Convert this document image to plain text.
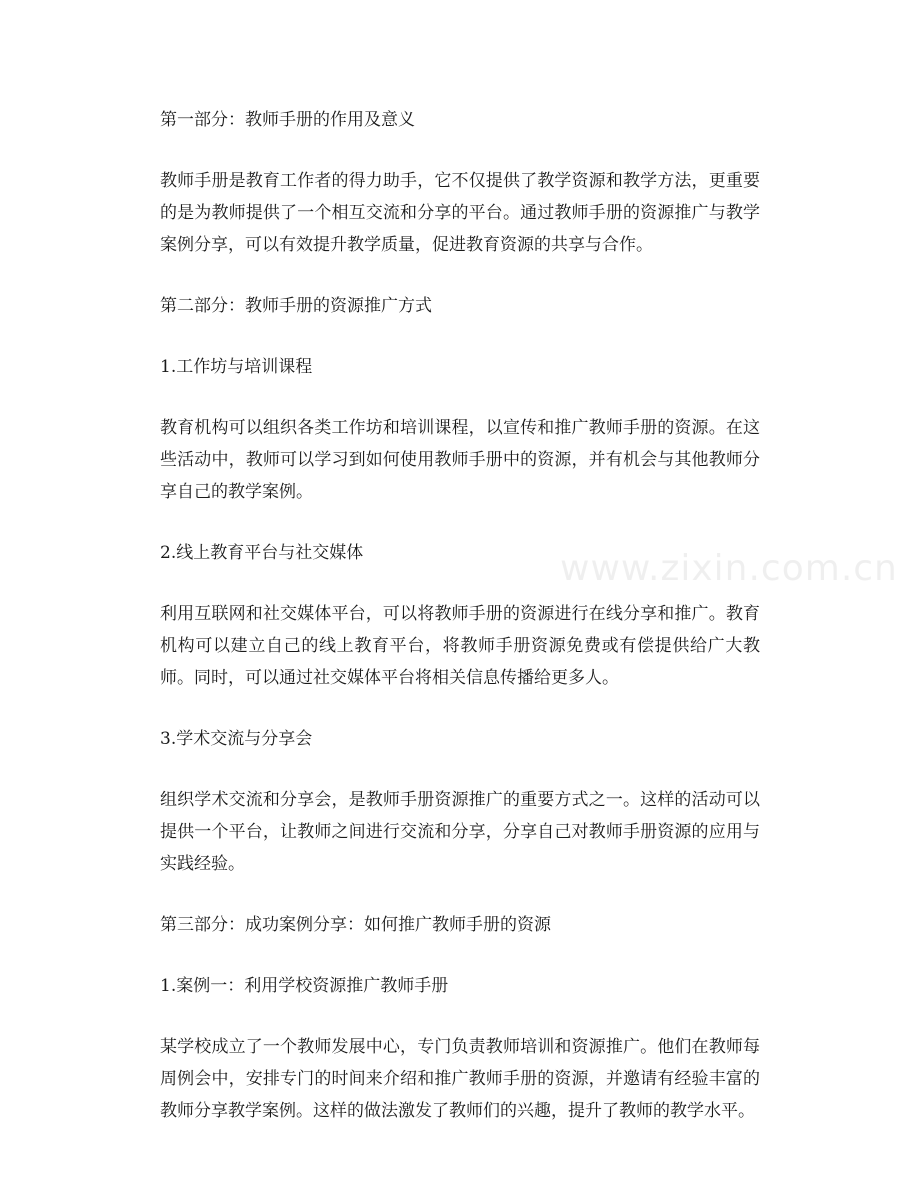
第一部分：教师手册的作用及意义

教师手册是教育工作者的得力助手，它不仅提供了教学资源和教学方法，更重要的是为教师提供了一个相互交流和分享的平台。通过教师手册的资源推广与教学案例分享，可以有效提升教学质量，促进教育资源的共享与合作。

第二部分：教师手册的资源推广方式

1.工作坊与培训课程

教育机构可以组织各类工作坊和培训课程，以宣传和推广教师手册的资源。在这些活动中，教师可以学习到如何使用教师手册中的资源，并有机会与其他教师分享自己的教学案例。

2.线上教育平台与社交媒体

利用互联网和社交媒体平台，可以将教师手册的资源进行在线分享和推广。教育机构可以建立自己的线上教育平台，将教师手册资源免费或有偿提供给广大教师。同时，可以通过社交媒体平台将相关信息传播给更多人。

3.学术交流与分享会

组织学术交流和分享会，是教师手册资源推广的重要方式之一。这样的活动可以提供一个平台，让教师之间进行交流和分享，分享自己对教师手册资源的应用与实践经验。

第三部分：成功案例分享：如何推广教师手册的资源

1.案例一：利用学校资源推广教师手册

某学校成立了一个教师发展中心，专门负责教师培训和资源推广。他们在教师每周例会中，安排专门的时间来介绍和推广教师手册的资源，并邀请有经验丰富的教师分享教学案例。这样的做法激发了教师们的兴趣，提升了教师的教学水平。

www.zixin.com.cn
